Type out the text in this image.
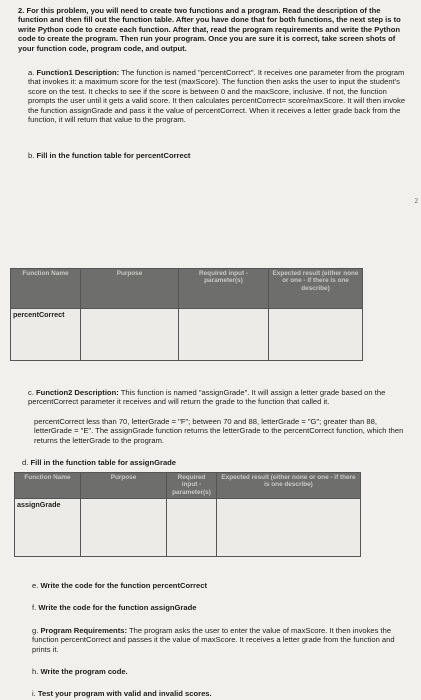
2. For this problem, you will need to create two functions and a program. Read the description of the function and then fill out the function table. After you have done that for both functions, the next step is to write Python code to create each function. After that, read the program requirements and write the Python code to create the program. Then run your program. Once you are sure it is correct, take screen shots of your function code, program code, and output.
a. Function1 Description: The function is named "percentCorrect". It receives one parameter from the program that invokes it: a maximum score for the test (maxScore). The function then asks the user to input the student's score on the test. It checks to see if the score is between 0 and the maxScore, inclusive. If not, the function prompts the user until it gets a valid score. It then calculates percentCorrect= score/maxScore. It will then invoke the function assignGrade and pass it the value of percentCorrect. When it receives a letter grade back from the function, it will return that value to the program.
b. Fill in the function table for percentCorrect
2
Function Name	Purpose	Required input - parameter(s)	Expected result (either none or one - if there is one describe)
percentCorrect			
c. Function2 Description: This function is named "assignGrade". It will assign a letter grade based on the percentCorrect parameter it receives and will return the grade to the function that called it.
percentCorrect less than 70, letterGrade = "F"; between 70 and 88, letterGrade = "G"; greater than 88, letterGrade = "E". The assignGrade function returns the letterGrade to the percentCorrect function, which then returns the letterGrade to the program.
d. Fill in the function table for assignGrade
Function Name	Purpose	Required input - parameter(s)	Expected result (either none or one - if there is one describe)
assignGrade			
e. Write the code for the function percentCorrect
f. Write the code for the function assignGrade
g. Program Requirements: The program asks the user to enter the value of maxScore. It then invokes the function percentCorrect and passes it the value of maxScore. It receives a letter grade from the function and prints it.
h. Write the program code.
i. Test your program with valid and invalid scores.
